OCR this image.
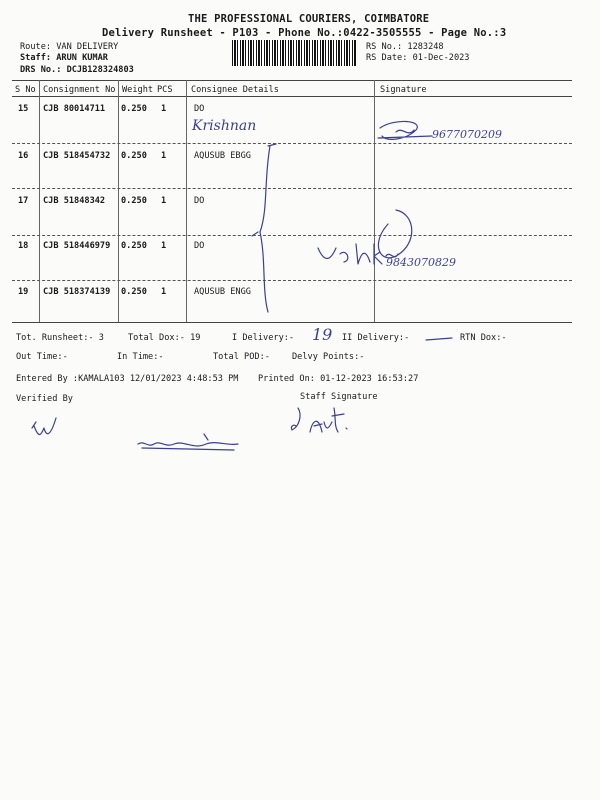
THE PROFESSIONAL COURIERS, COIMBATORE
Delivery Runsheet - P103 - Phone No.:0422-3505555 - Page No.:3
Route: VAN DELIVERY
Staff: ARUN KUMAR
DRS No.: DCJB128324803
RS No.: 1283248
RS Date: 01-Dec-2023
S No Consignment No Weight PCS Consignee Details	Signature
15 CJB 80014711 0.250 1	DO
16 CJB 518454732 0.250 1	AQUSUB EBGG
17 CJB 51848342 0.250 1	DO
18 CJB 518446979 0.250 1	DO
19 CJB 518374139 0.250 1	AQUSUB ENGG
Krishnan
9677070209
9843070829
Tot. Runsheet:- 3	Total Dox:- 19	I Delivery:- 19 II Delivery:-	RTN Dox:-
Out Time:-	In Time:-	Total POD:-	Delvy Points:-
Entered By :KAMALA103 12/01/2023 4:48:53 PM Printed On: 01-12-2023 16:53:27
Verified By	Staff Signature
